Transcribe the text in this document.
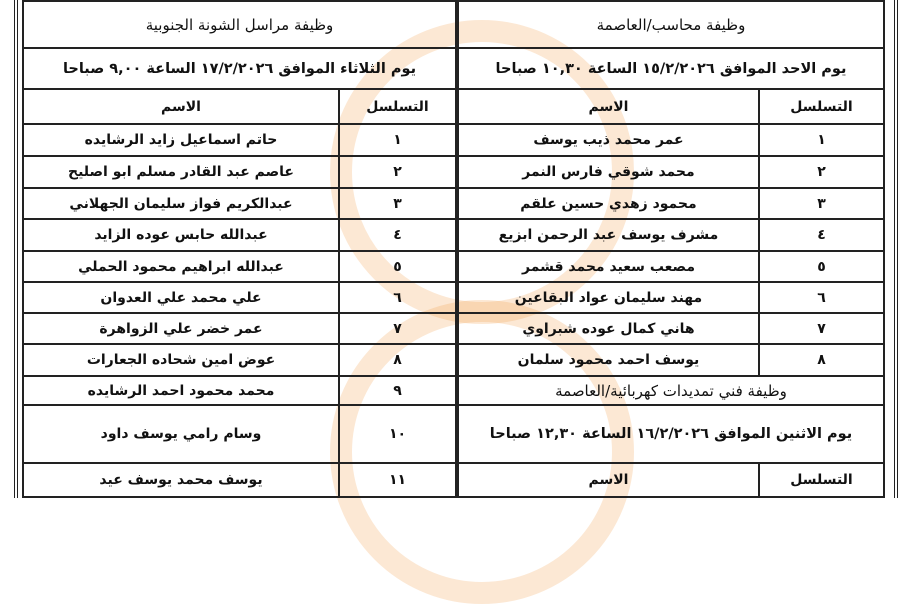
وظيفة محاسب/العاصمة	
يوم الاحد الموافق ١٥/٢/٢٠٢٦ الساعة ١٠,٣٠ صباحا	
التسلسل	الاسم
١	عمر محمد ذيب يوسف
٢	محمد شوقي فارس النمر
٣	محمود زهدي حسين علقم
٤	مشرف يوسف عبد الرحمن ابزيع
٥	مصعب سعيد محمد قشمر
٦	مهند سليمان عواد البقاعين
٧	هاني كمال عوده شبراوي
٨	يوسف احمد محمود سلمان
وظيفة فني تمديدات كهربائية/العاصمة	
يوم الاثنين الموافق ١٦/٢/٢٠٢٦ الساعة ١٢,٣٠ صباحا	
التسلسل	الاسم
وظيفة مراسل الشونة الجنوبية	
يوم الثلاثاء الموافق ١٧/٢/٢٠٢٦ الساعة ٩,٠٠ صباحا	
التسلسل	الاسم
١	حاتم اسماعيل زايد الرشايده
٢	عاصم عبد القادر مسلم ابو اصليح
٣	عبدالكريم فواز سليمان الجهلاني
٤	عبدالله حابس عوده الزايد
٥	عبدالله ابراهيم محمود الحملي
٦	علي محمد علي العدوان
٧	عمر خضر علي الزواهرة
٨	عوض امين شحاده الجعارات
٩	محمد محمود احمد الرشايده
١٠	وسام رامي يوسف داود
١١	يوسف محمد يوسف عيد
